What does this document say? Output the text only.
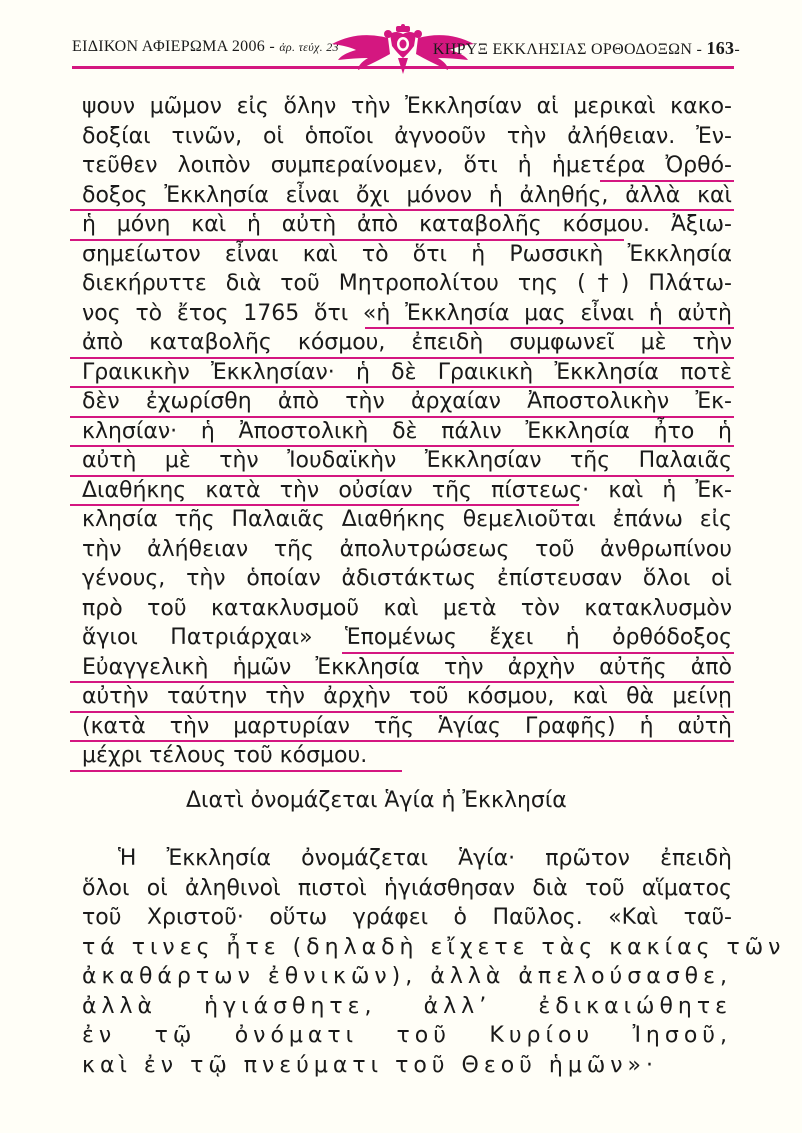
ΕΙΔΙΚΟΝ ΑΦΙΕΡΩΜΑ 2006 - ἀρ. τεύχ. 23	ΚΗΡΥΞ ΕΚΚΛΗΣΙΑΣ ΟΡΘΟΔΟΞΩΝ - 163-
ψουν μῶμον εἰς ὅλην τὴν Ἐκκλησίαν αἱ μερικαὶ κακο-
δοξίαι τινῶν, οἱ ὁποῖοι ἀγνοοῦν τὴν ἀλήθειαν. Ἐν-
τεῦθεν λοιπὸν συμπεραίνομεν, ὅτι ἡ ἡμετέρα Ὀρθό-
δοξος Ἐκκλησία εἶναι ὄχι μόνον ἡ ἀληθής, ἀλλὰ καὶ
ἡ μόνη καὶ ἡ αὐτὴ ἀπὸ καταβολῆς κόσμου. Ἀξιω-
σημείωτον εἶναι καὶ τὸ ὅτι ἡ Ρωσσικὴ Ἐκκλησία
διεκήρυττε διὰ τοῦ Μητροπολίτου της (†) Πλάτω-
νος τὸ ἔτος 1765 ὅτι «ἡ Ἐκκλησία μας εἶναι ἡ αὐτὴ
ἀπὸ καταβολῆς κόσμου, ἐπειδὴ συμφωνεῖ μὲ τὴν
Γραικικὴν Ἐκκλησίαν· ἡ δὲ Γραικικὴ Ἐκκλησία ποτὲ
δὲν ἐχωρίσθη ἀπὸ τὴν ἀρχαίαν Ἀποστολικὴν Ἐκ-
κλησίαν· ἡ Ἀποστολικὴ δὲ πάλιν Ἐκκλησία ἦτο ἡ
αὐτὴ μὲ τὴν Ἰουδαϊκὴν Ἐκκλησίαν τῆς Παλαιᾶς
Διαθήκης κατὰ τὴν οὐσίαν τῆς πίστεως· καὶ ἡ Ἐκ-
κλησία τῆς Παλαιᾶς Διαθήκης θεμελιοῦται ἐπάνω εἰς
τὴν ἀλήθειαν τῆς ἀπολυτρώσεως τοῦ ἀνθρωπίνου
γένους, τὴν ὁποίαν ἀδιστάκτως ἐπίστευσαν ὅλοι οἱ
πρὸ τοῦ κατακλυσμοῦ καὶ μετὰ τὸν κατακλυσμὸν
ἅγιοι Πατριάρχαι» Ἑπομένως ἔχει ἡ ὀρθόδοξος
Εὐαγγελικὴ ἡμῶν Ἐκκλησία τὴν ἀρχὴν αὐτῆς ἀπὸ
αὐτὴν ταύτην τὴν ἀρχὴν τοῦ κόσμου, καὶ θὰ μείνῃ
(κατὰ τὴν μαρτυρίαν τῆς Ἁγίας Γραφῆς) ἡ αὐτὴ
μέχρι τέλους τοῦ κόσμου.
Διατὶ ὀνομάζεται Ἁγία ἡ Ἐκκλησία
Ἡ Ἐκκλησία ὀνομάζεται Ἁγία· πρῶτον ἐπειδὴ
ὅλοι οἱ ἀληθινοὶ πιστοὶ ἡγιάσθησαν διὰ τοῦ αἵματος
τοῦ Χριστοῦ· οὕτω γράφει ὁ Παῦλος. «Καὶ ταῦ-
τά τινες ἦτε (δηλαδὴ εἴχετε τὰς κακίας τῶν
ἀκαθάρτων ἐθνικῶν), ἀλλὰ ἀπελούσασθε,
ἀλλὰ ἡγιάσθητε, ἀλλ’ ἐδικαιώθητε
ἐν τῷ ὀνόματι τοῦ Κυρίου Ἰησοῦ,
καὶ ἐν τῷ πνεύματι τοῦ Θεοῦ ἡμῶν»·
